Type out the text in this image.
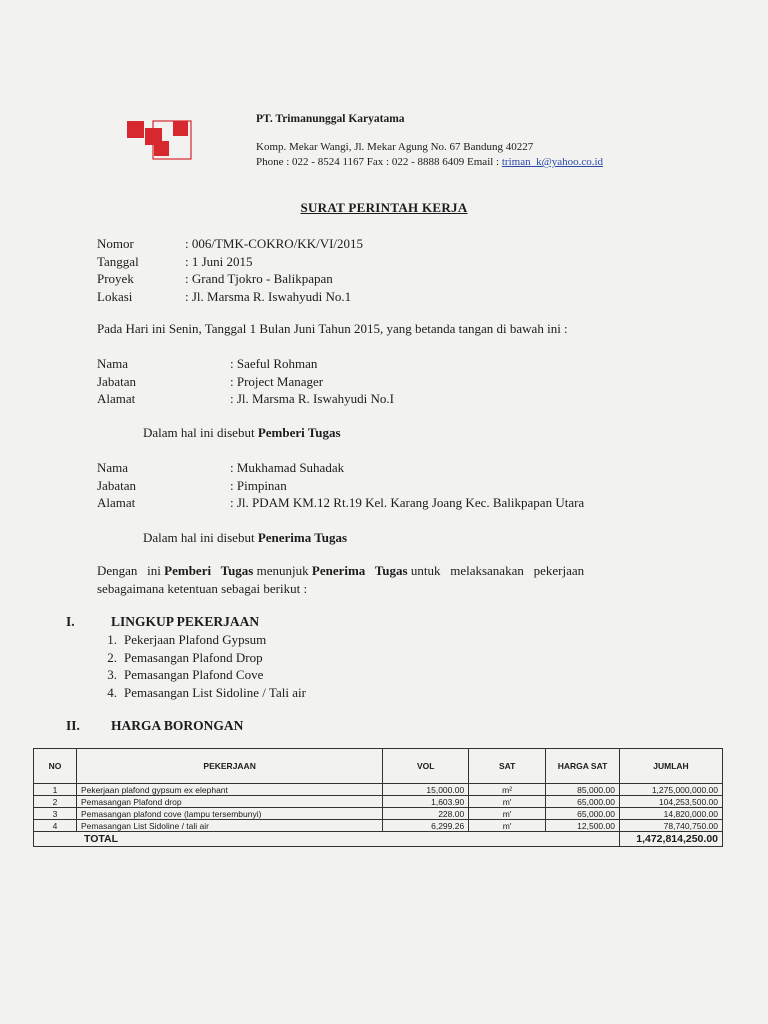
PT. Trimanunggal Karyatama
Komp. Mekar Wangi, Jl. Mekar Agung No. 67 Bandung 40227
Phone : 022 - 8524 1167 Fax : 022 - 8888 6409 Email : triman_k@yahoo.co.id
SURAT PERINTAH KERJA
Nomor	: 006/TMK-COKRO/KK/VI/2015
Tanggal	: 1 Juni 2015
Proyek	: Grand Tjokro - Balikpapan
Lokasi	: Jl. Marsma R. Iswahyudi No.1
Pada Hari ini Senin, Tanggal 1 Bulan Juni Tahun 2015, yang betanda tangan di bawah ini :
Nama	: Saeful Rohman
Jabatan	: Project Manager
Alamat	: Jl. Marsma R. Iswahyudi No.I
Dalam hal ini disebut Pemberi Tugas
Nama	: Mukhamad Suhadak
Jabatan	: Pimpinan
Alamat	: Jl. PDAM KM.12 Rt.19 Kel. Karang Joang Kec. Balikpapan Utara
Dalam hal ini disebut Penerima Tugas
Dengan   ini Pemberi   Tugas menunjuk Penerima   Tugas untuk   melaksanakan   pekerjaan
sebagaimana ketentuan sebagai berikut :
I.	LINGKUP PEKERJAAN
1. Pekerjaan Plafond Gypsum
2. Pemasangan Plafond Drop
3. Pemasangan Plafond Cove
4. Pemasangan List Sidoline / Tali air
II. HARGA BORONGAN
NO	PEKERJAAN	VOL	SAT	HARGA SAT	JUMLAH
1	Pekerjaan plafond gypsum ex elephant	15,000.00	m²	85,000.00	1,275,000,000.00
2	Pemasangan Plafond drop	1,603.90	m'	65,000.00	104,253,500.00
3	Pemasangan plafond cove (lampu tersembunyi)	228.00	m'	65,000.00	14,820,000.00
4	Pemasangan List Sidoline / tali air	6,299.26	m'	12,500.00	78,740,750.00
TOTAL					1,472,814,250.00
